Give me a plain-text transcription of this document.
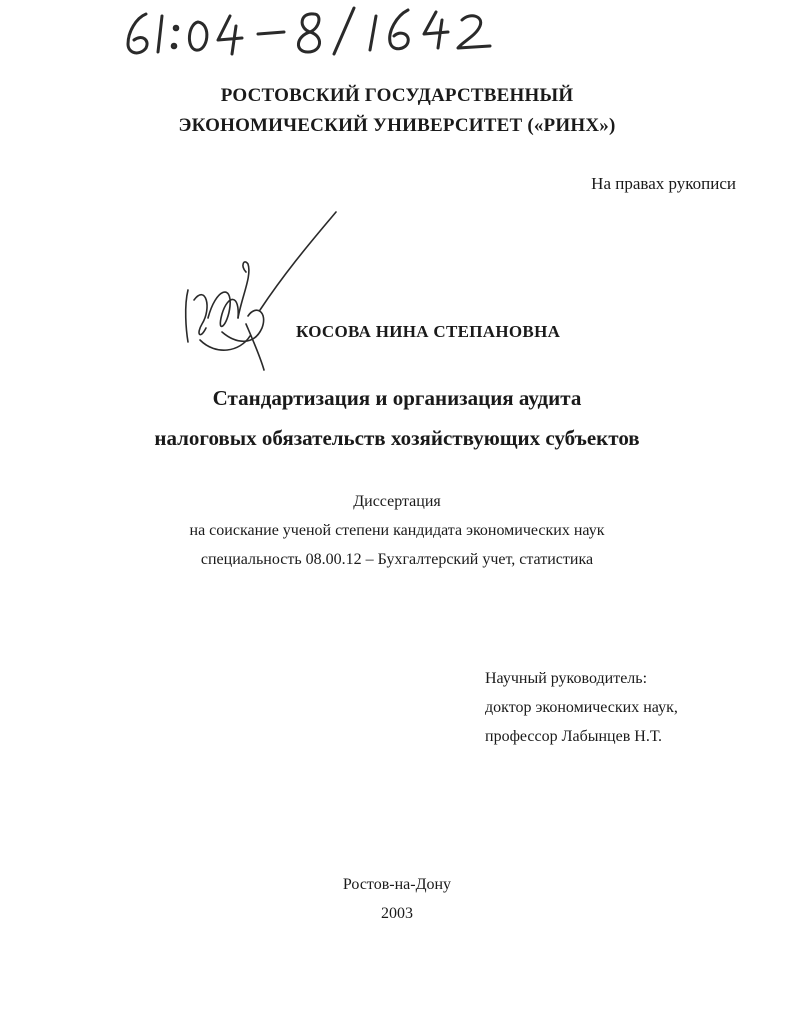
РОСТОВСКИЙ ГОСУДАРСТВЕННЫЙ
ЭКОНОМИЧЕСКИЙ УНИВЕРСИТЕТ («РИНХ»)
На правах рукописи
КОСОВА НИНА СТЕПАНОВНА
Стандартизация и организация аудита
налоговых обязательств хозяйствующих субъектов
Диссертация
на соискание ученой степени кандидата экономических наук
специальность 08.00.12 – Бухгалтерский учет, статистика
Научный руководитель:
доктор экономических наук,
профессор Лабынцев Н.Т.
Ростов-на-Дону
2003
